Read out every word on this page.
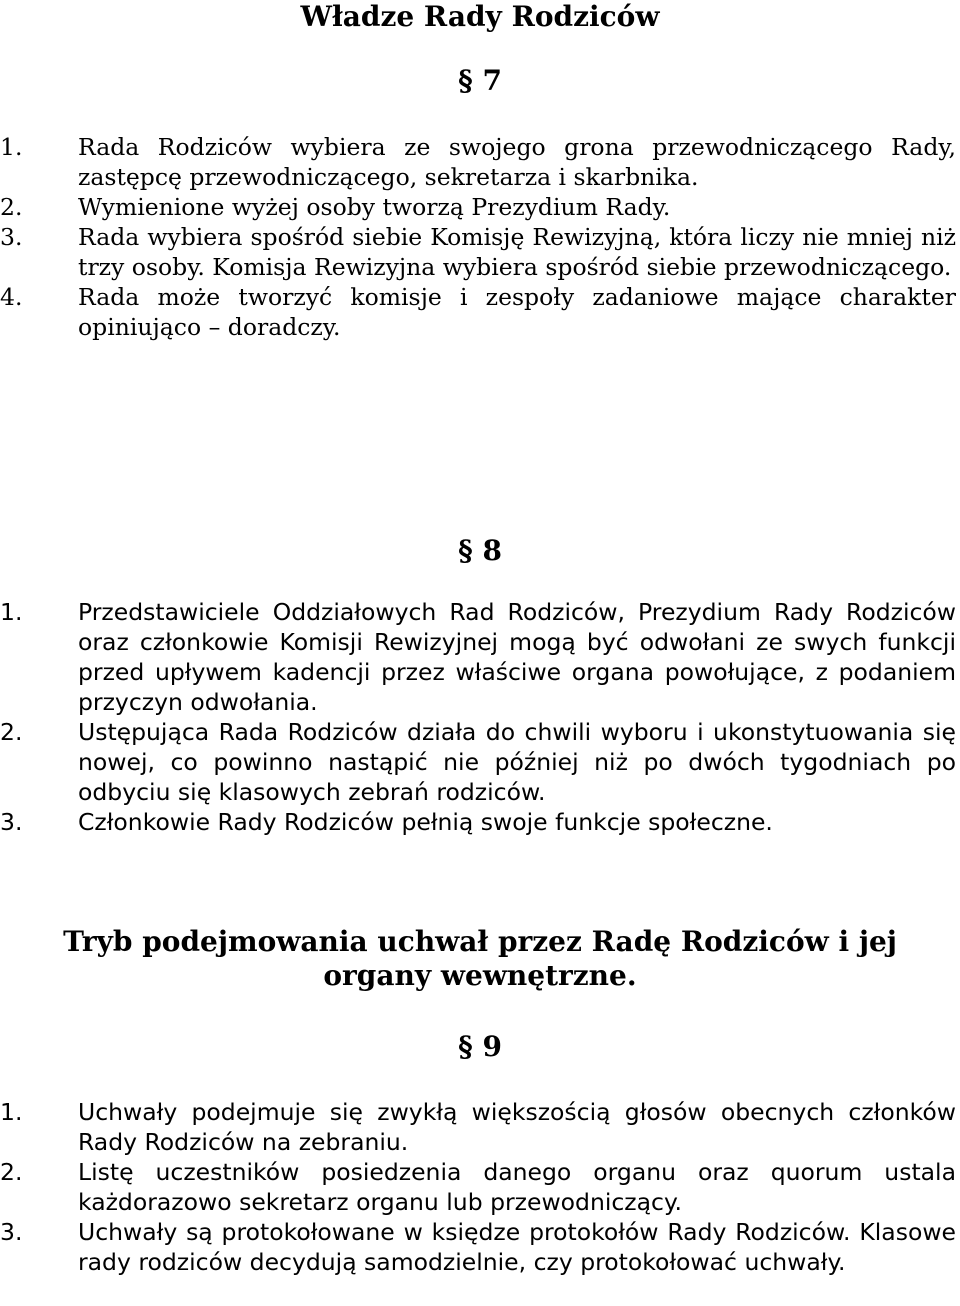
Władze Rady Rodziców
§ 7
1. Rada Rodziców wybiera ze swojego grona przewodniczącego Rady, zastępcę przewodniczącego, sekretarza i skarbnika.
2. Wymienione wyżej osoby tworzą Prezydium Rady.
3. Rada wybiera spośród siebie Komisję Rewizyjną, która liczy nie mniej niż trzy osoby. Komisja Rewizyjna wybiera spośród siebie przewodniczącego.
4. Rada może tworzyć komisje i zespoły zadaniowe mające charakter opiniująco – doradczy.
§ 8
1. Przedstawiciele Oddziałowych Rad Rodziców, Prezydium Rady Rodziców oraz członkowie Komisji Rewizyjnej mogą być odwołani ze swych funkcji przed upływem kadencji przez właściwe organa powołujące, z podaniem przyczyn odwołania.
2. Ustępująca Rada Rodziców działa do chwili wyboru i ukonstytuowania się nowej, co powinno nastąpić nie później niż po dwóch tygodniach po odbyciu się klasowych zebrań rodziców.
3. Członkowie Rady Rodziców pełnią swoje funkcje społeczne.
Tryb podejmowania uchwał przez Radę Rodziców i jej organy wewnętrzne.
§ 9
1. Uchwały podejmuje się zwykłą większością głosów obecnych członków Rady Rodziców na zebraniu.
2. Listę uczestników posiedzenia danego organu oraz quorum ustala każdorazowo sekretarz organu lub przewodniczący.
3. Uchwały są protokołowane w księdze protokołów Rady Rodziców. Klasowe rady rodziców decydują samodzielnie, czy protokołować uchwały.
